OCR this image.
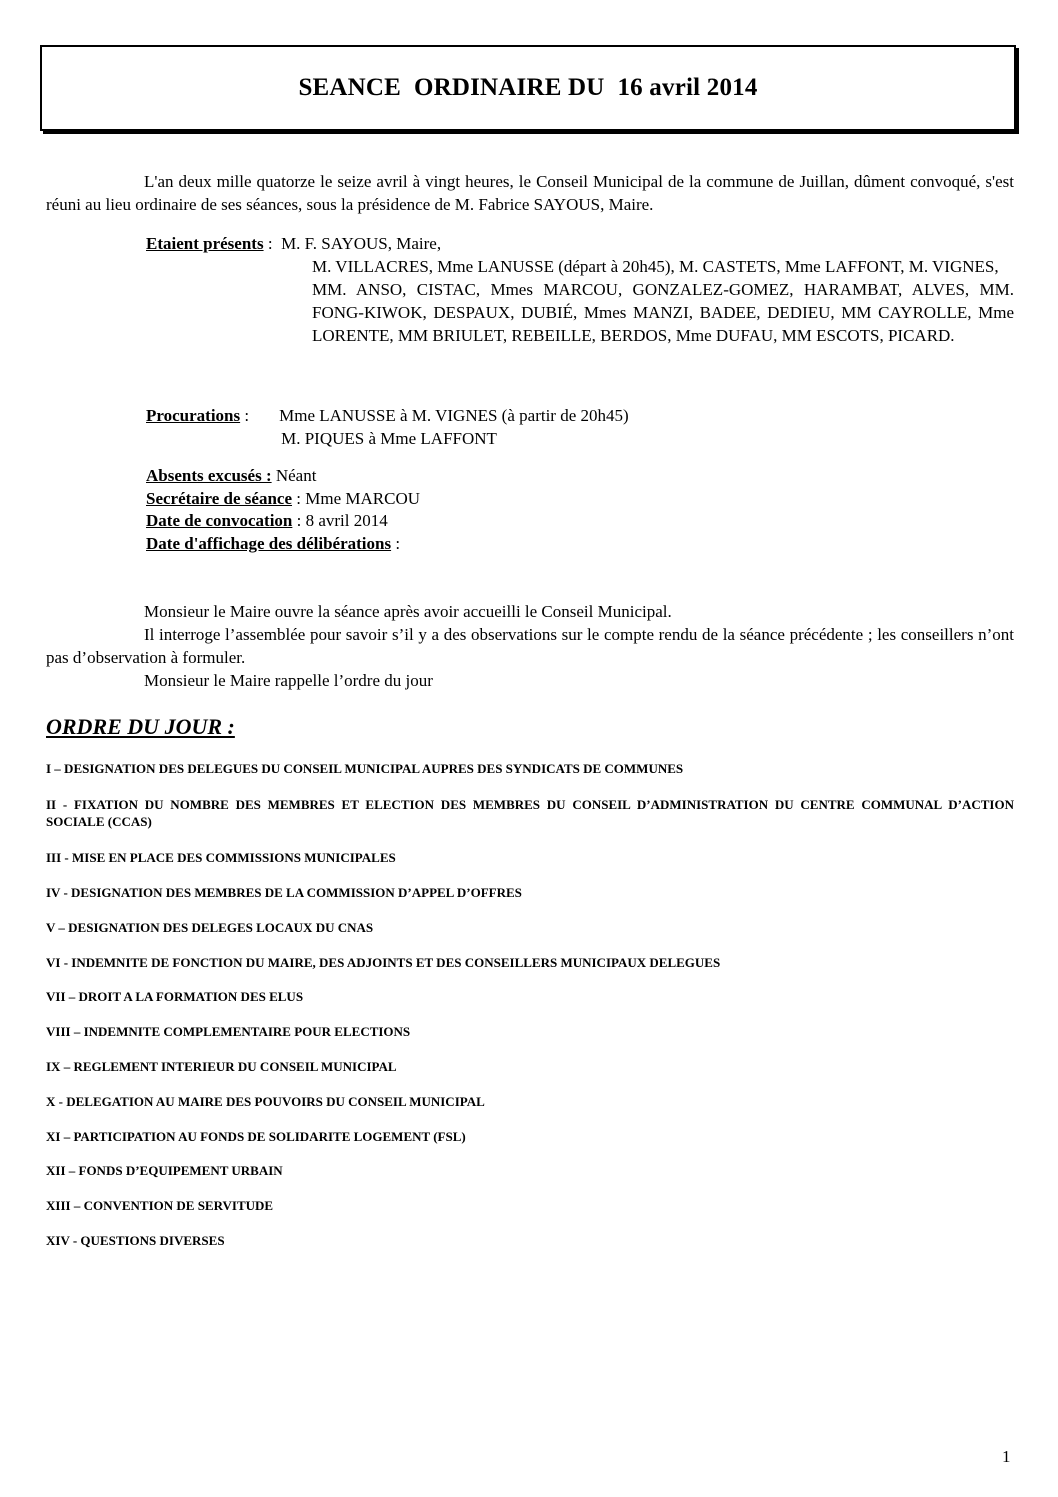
SEANCE  ORDINAIRE DU  16 avril 2014

L'an deux mille quatorze le seize avril à vingt heures, le Conseil Municipal de la commune de Juillan, dûment convoqué, s'est réuni au lieu ordinaire de ses séances, sous la présidence de M. Fabrice SAYOUS, Maire.

Etaient présents : M. F. SAYOUS, Maire,
M. VILLACRES, Mme LANUSSE (départ à 20h45), M. CASTETS, Mme LAFFONT, M. VIGNES,
MM. ANSO, CISTAC, Mmes MARCOU, GONZALEZ-GOMEZ, HARAMBAT, ALVES, MM. FONG-KIWOK, DESPAUX, DUBIÉ, Mmes MANZI, BADEE, DEDIEU, MM CAYROLLE, Mme LORENTE, MM BRIULET, REBEILLE, BERDOS, Mme DUFAU, MM ESCOTS, PICARD.
Procurations : Mme LANUSSE à M. VIGNES (à partir de 20h45)
M. PIQUES à Mme LAFFONT
Absents excusés : Néant
Secrétaire de séance : Mme MARCOU
Date de convocation : 8 avril 2014
Date d'affichage des délibérations :

Monsieur le Maire ouvre la séance après avoir accueilli le Conseil Municipal.

Il interroge l’assemblée pour savoir s’il y a des observations sur le compte rendu de la séance précédente ; les conseillers n’ont pas d’observation à formuler.

Monsieur le Maire rappelle l’ordre du jour

ORDRE DU JOUR :
I – DESIGNATION DES DELEGUES DU CONSEIL MUNICIPAL AUPRES DES SYNDICATS DE COMMUNES
II - FIXATION DU NOMBRE DES MEMBRES ET ELECTION DES MEMBRES DU CONSEIL D’ADMINISTRATION DU CENTRE COMMUNAL D’ACTION SOCIALE (CCAS)
III - MISE EN PLACE DES COMMISSIONS MUNICIPALES
IV - DESIGNATION DES MEMBRES DE LA COMMISSION D’APPEL D’OFFRES
V – DESIGNATION DES DELEGES LOCAUX DU CNAS
VI - INDEMNITE DE FONCTION DU MAIRE, DES ADJOINTS ET DES CONSEILLERS MUNICIPAUX DELEGUES
VII – DROIT A LA FORMATION DES ELUS
VIII – INDEMNITE COMPLEMENTAIRE POUR ELECTIONS
IX – REGLEMENT INTERIEUR DU CONSEIL MUNICIPAL
X - DELEGATION AU MAIRE DES POUVOIRS DU CONSEIL MUNICIPAL
XI – PARTICIPATION AU FONDS DE SOLIDARITE LOGEMENT (FSL)
XII – FONDS D’EQUIPEMENT URBAIN
XIII – CONVENTION DE SERVITUDE
XIV - QUESTIONS DIVERSES
1
